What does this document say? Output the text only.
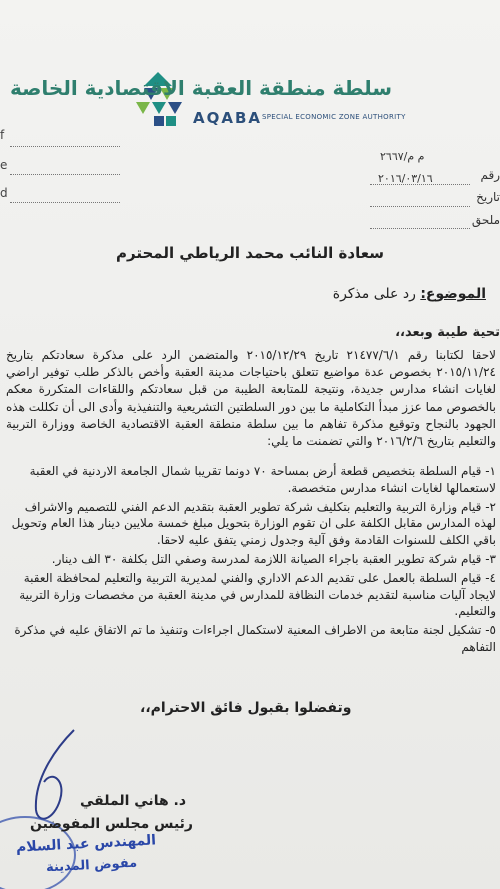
سلطة منطقة العقبة الاقتصادية الخاصة
AQABA SPECIAL ECONOMIC ZONE AUTHORITY
f
e
d
م م/٢٦٦٧
رقم
٢٠١٦/٠٣/١٦
تاريخ
ملحق
سعادة النائب محمد الرياطي المحترم
الموضوع: رد على مذكرة
تحية طيبة وبعد،،

لاحقا لكتابنا رقم ٢١٤٧٧/٦/١ تاريخ ٢٠١٥/١٢/٢٩ والمتضمن الرد على مذكرة سعادتكم بتاريخ ٢٠١٥/١١/٢٤ بخصوص عدة مواضيع تتعلق باحتياجات مدينة العقبة وأخص بالذكر طلب توفير اراضي لغايات انشاء مدارس جديدة، ونتيجة للمتابعة الطيبة من قبل سعادتكم واللقاءات المتكررة معكم بالخصوص مما عزز مبدأ التكاملية ما بين دور السلطتين التشريعية والتنفيذية وأدى الى أن تكللت هذه الجهود بالنجاح وتوقيع مذكرة تفاهم ما بين سلطة منطقة العقبة الاقتصادية الخاصة ووزارة التربية والتعليم بتاريخ ٢٠١٦/٢/٦ والتي تضمنت ما يلي:

١- قيام السلطة بتخصيص قطعة أرض بمساحة ٧٠ دونما تقريبا شمال الجامعة الاردنية في العقبة لاستعمالها لغايات انشاء مدارس متخصصة.
٢- قيام وزارة التربية والتعليم بتكليف شركة تطوير العقبة بتقديم الدعم الفني للتصميم والاشراف لهذه المدارس مقابل الكلفة على ان تقوم الوزارة بتحويل مبلغ خمسة ملايين دينار هذا العام وتحويل باقي الكلف للسنوات القادمة وفق آلية وجدول زمني يتفق عليه لاحقا.
٣- قيام شركة تطوير العقبة باجراء الصيانة اللازمة لمدرسة وصفي التل بكلفة ٣٠ الف دينار.
٤- قيام السلطة بالعمل على تقديم الدعم الاداري والفني لمديرية التربية والتعليم لمحافظة العقبة لايجاد آليات مناسبة لتقديم خدمات النظافة للمدارس في مدينة العقبة من مخصصات وزارة التربية والتعليم.
٥- تشكيل لجنة متابعة من الاطراف المعنية لاستكمال اجراءات وتنفيذ ما تم الاتفاق عليه في مذكرة التفاهم
وتفضلوا بقبول فائق الاحترام،،
د. هاني الملقي
رئيس مجلس المفوضين
المهندس عبد السلام
مفوض المدينة
